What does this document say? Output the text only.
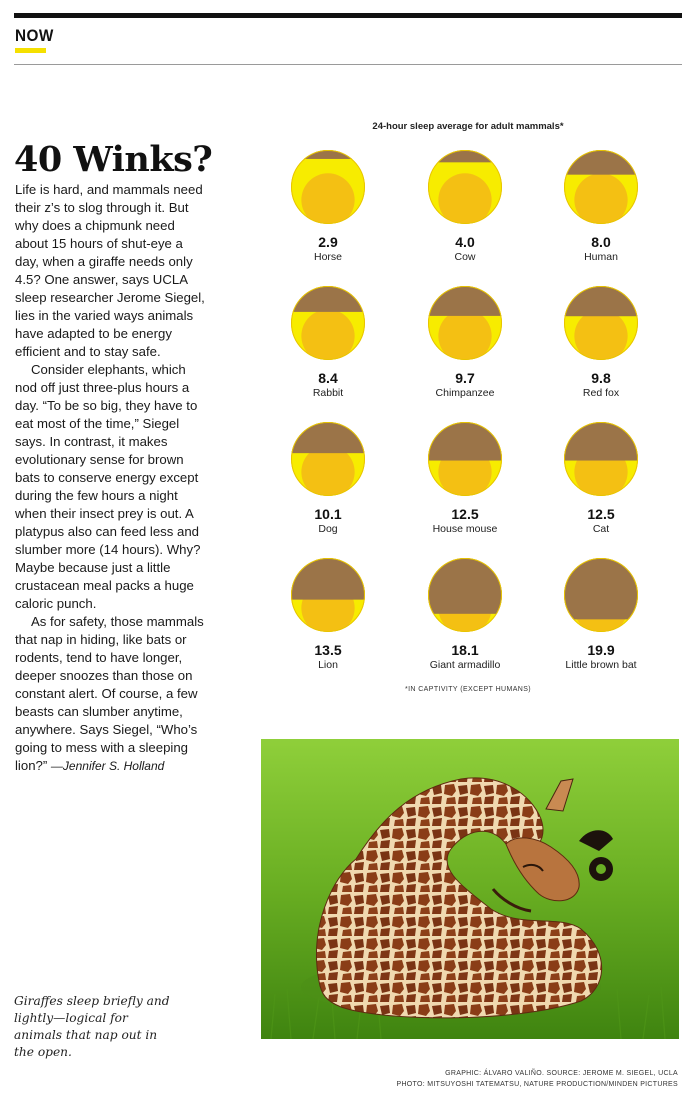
NOW
40 Winks?

Life is hard, and mammals need their z’s to slog through it. But why does a chipmunk need about 15 hours of shut-eye a day, when a giraffe needs only 4.5? One answer, says UCLA sleep researcher Jerome Siegel, lies in the varied ways animals have adapted to be energy efficient and to stay safe.

Consider elephants, which nod off just three-plus hours a day. “To be so big, they have to eat most of the time,” Siegel says. In contrast, it makes evolutionary sense for brown bats to conserve energy except during the few hours a night when their insect prey is out. A platypus also can feed less and slumber more (14 hours). Why? Maybe because just a little crustacean meal packs a huge caloric punch.

As for safety, those mammals that nap in hiding, like bats or rodents, tend to have longer, deeper snoozes than those on constant alert. Of course, a few beasts can slumber anytime, anywhere. Says Siegel, “Who’s going to mess with a sleeping lion?” —Jennifer S. Holland

Giraffes sleep briefly and lightly—logical for animals that nap out in the open.
24-hour sleep average for adult mammals*
2.9
Horse
4.0
Cow
8.0
Human
8.4
Rabbit
9.7
Chimpanzee
9.8
Red fox
10.1
Dog
12.5
House mouse
12.5
Cat
13.5
Lion
18.1
Giant armadillo
19.9
Little brown bat
*IN CAPTIVITY (EXCEPT HUMANS)
GRAPHIC: ÁLVARO VALIÑO. SOURCE: JEROME M. SIEGEL, UCLA
PHOTO: MITSUYOSHI TATEMATSU, NATURE PRODUCTION/MINDEN PICTURES
